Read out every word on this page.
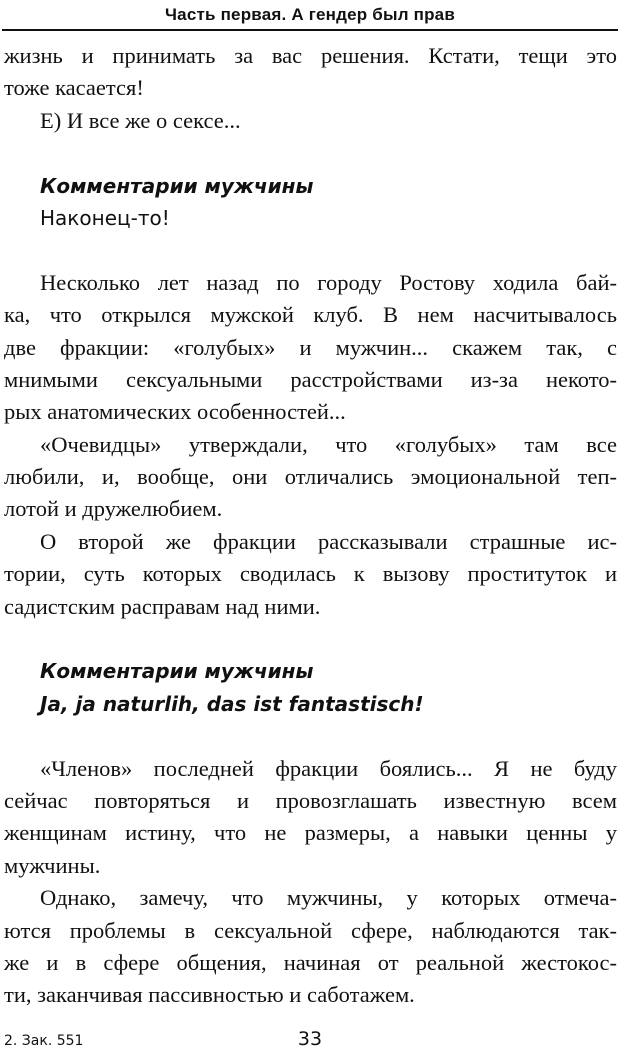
Часть первая. А гендер был прав
жизнь и принимать за вас решения. Кстати, тещи это
тоже касается!
Е) И все же о сексе...
Комментарии мужчины
Наконец-то!
Несколько лет назад по городу Ростову ходила бай-
ка, что открылся мужской клуб. В нем насчитывалось
две фракции: «голубых» и мужчин... скажем так, с
мнимыми сексуальными расстройствами из-за некото-
рых анатомических особенностей...
«Очевидцы» утверждали, что «голубых» там все
любили, и, вообще, они отличались эмоциональной теп-
лотой и дружелюбием.
О второй же фракции рассказывали страшные ис-
тории, суть которых сводилась к вызову проституток и
садистским расправам над ними.
Комментарии мужчины
Ja, ja naturlih, das ist fantastisch!
«Членов» последней фракции боялись... Я не буду
сейчас повторяться и провозглашать известную всем
женщинам истину, что не размеры, а навыки ценны у
мужчины.
Однако, замечу, что мужчины, у которых отмеча-
ются проблемы в сексуальной сфере, наблюдаются так-
же и в сфере общения, начиная от реальной жестокос-
ти, заканчивая пассивностью и саботажем.
2. Зак. 551	33
